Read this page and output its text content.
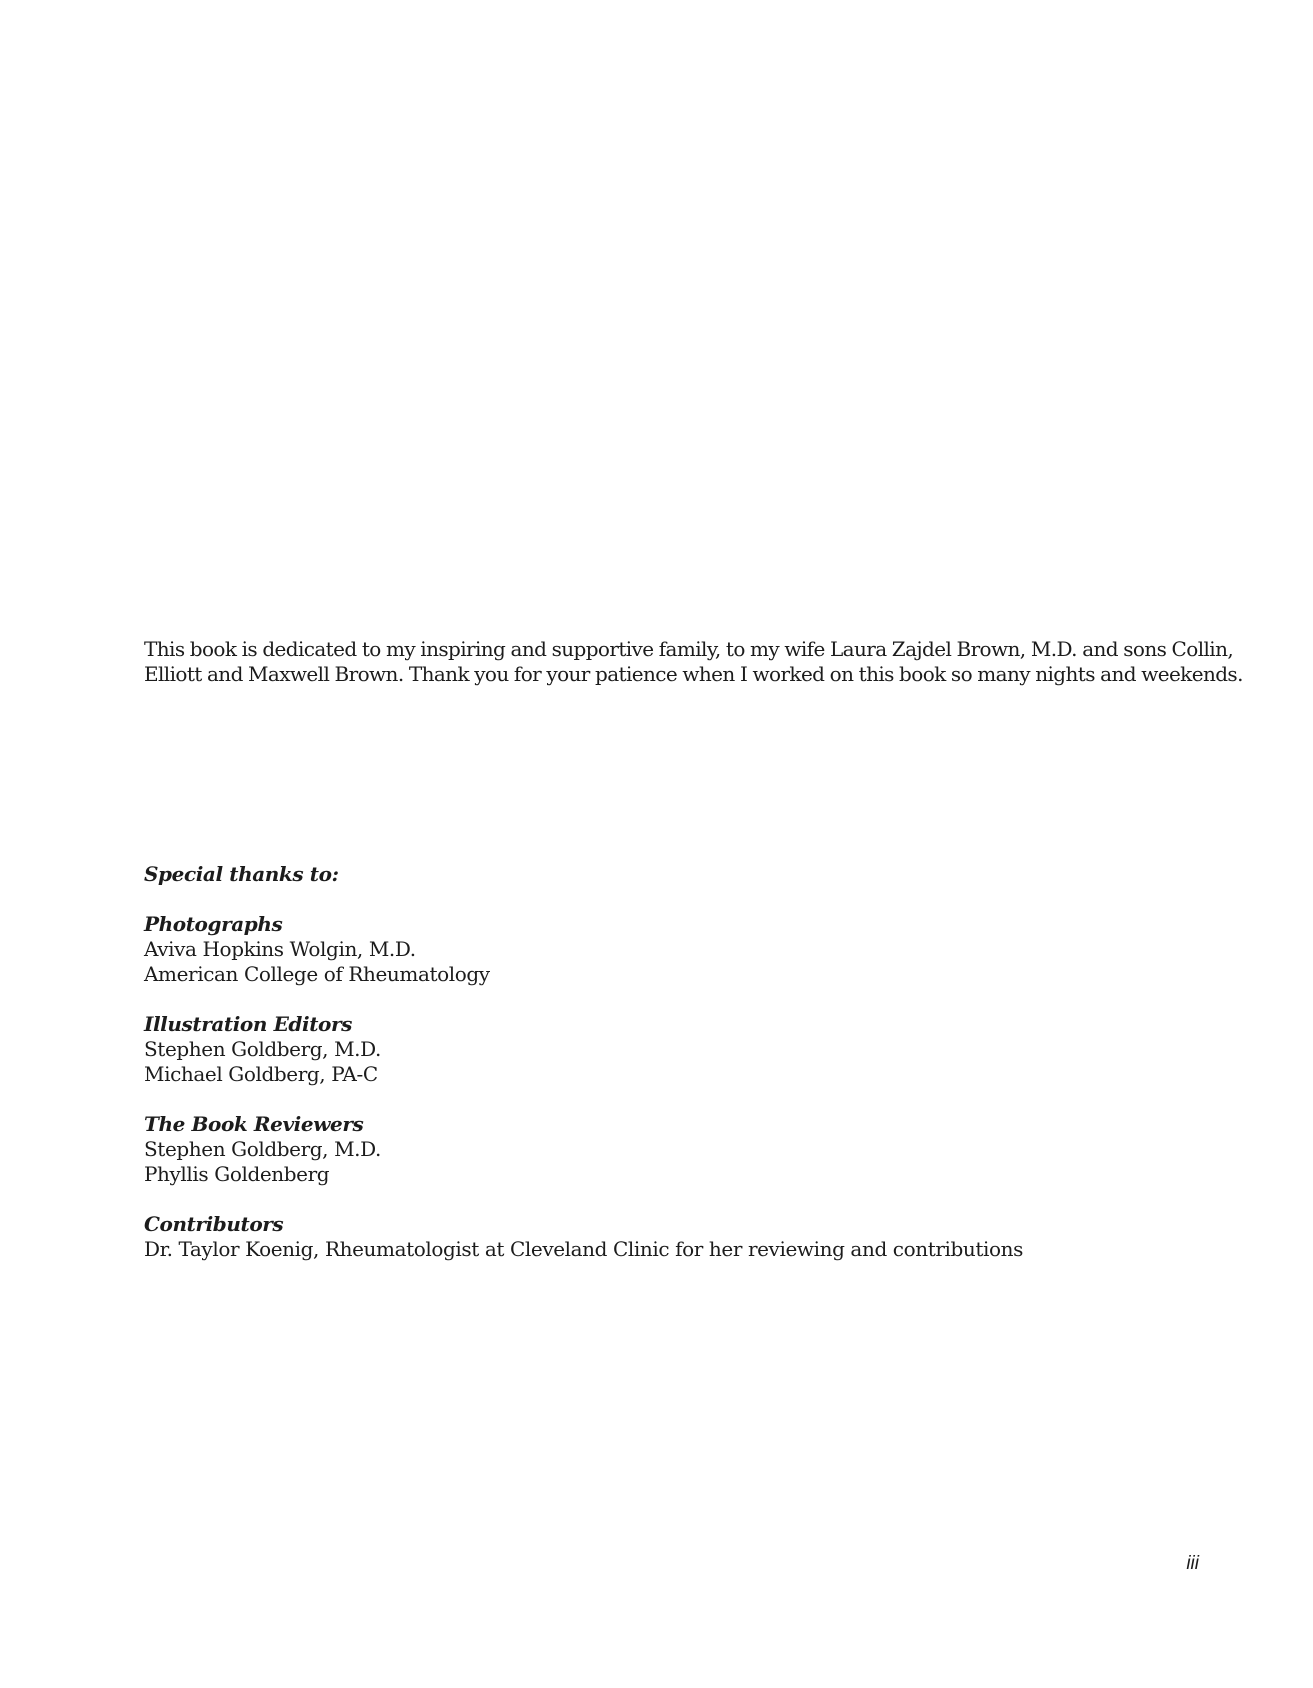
This book is dedicated to my inspiring and supportive family, to my wife Laura Zajdel Brown, M.D. and sons Collin,
Elliott and Maxwell Brown. Thank you for your patience when I worked on this book so many nights and weekends.

Special thanks to:

Photographs

Aviva Hopkins Wolgin, M.D.

American College of Rheumatology

Illustration Editors

Stephen Goldberg, M.D.

Michael Goldberg, PA-C

The Book Reviewers

Stephen Goldberg, M.D.

Phyllis Goldenberg

Contributors

Dr. Taylor Koenig, Rheumatologist at Cleveland Clinic for her reviewing and contributions

iii
